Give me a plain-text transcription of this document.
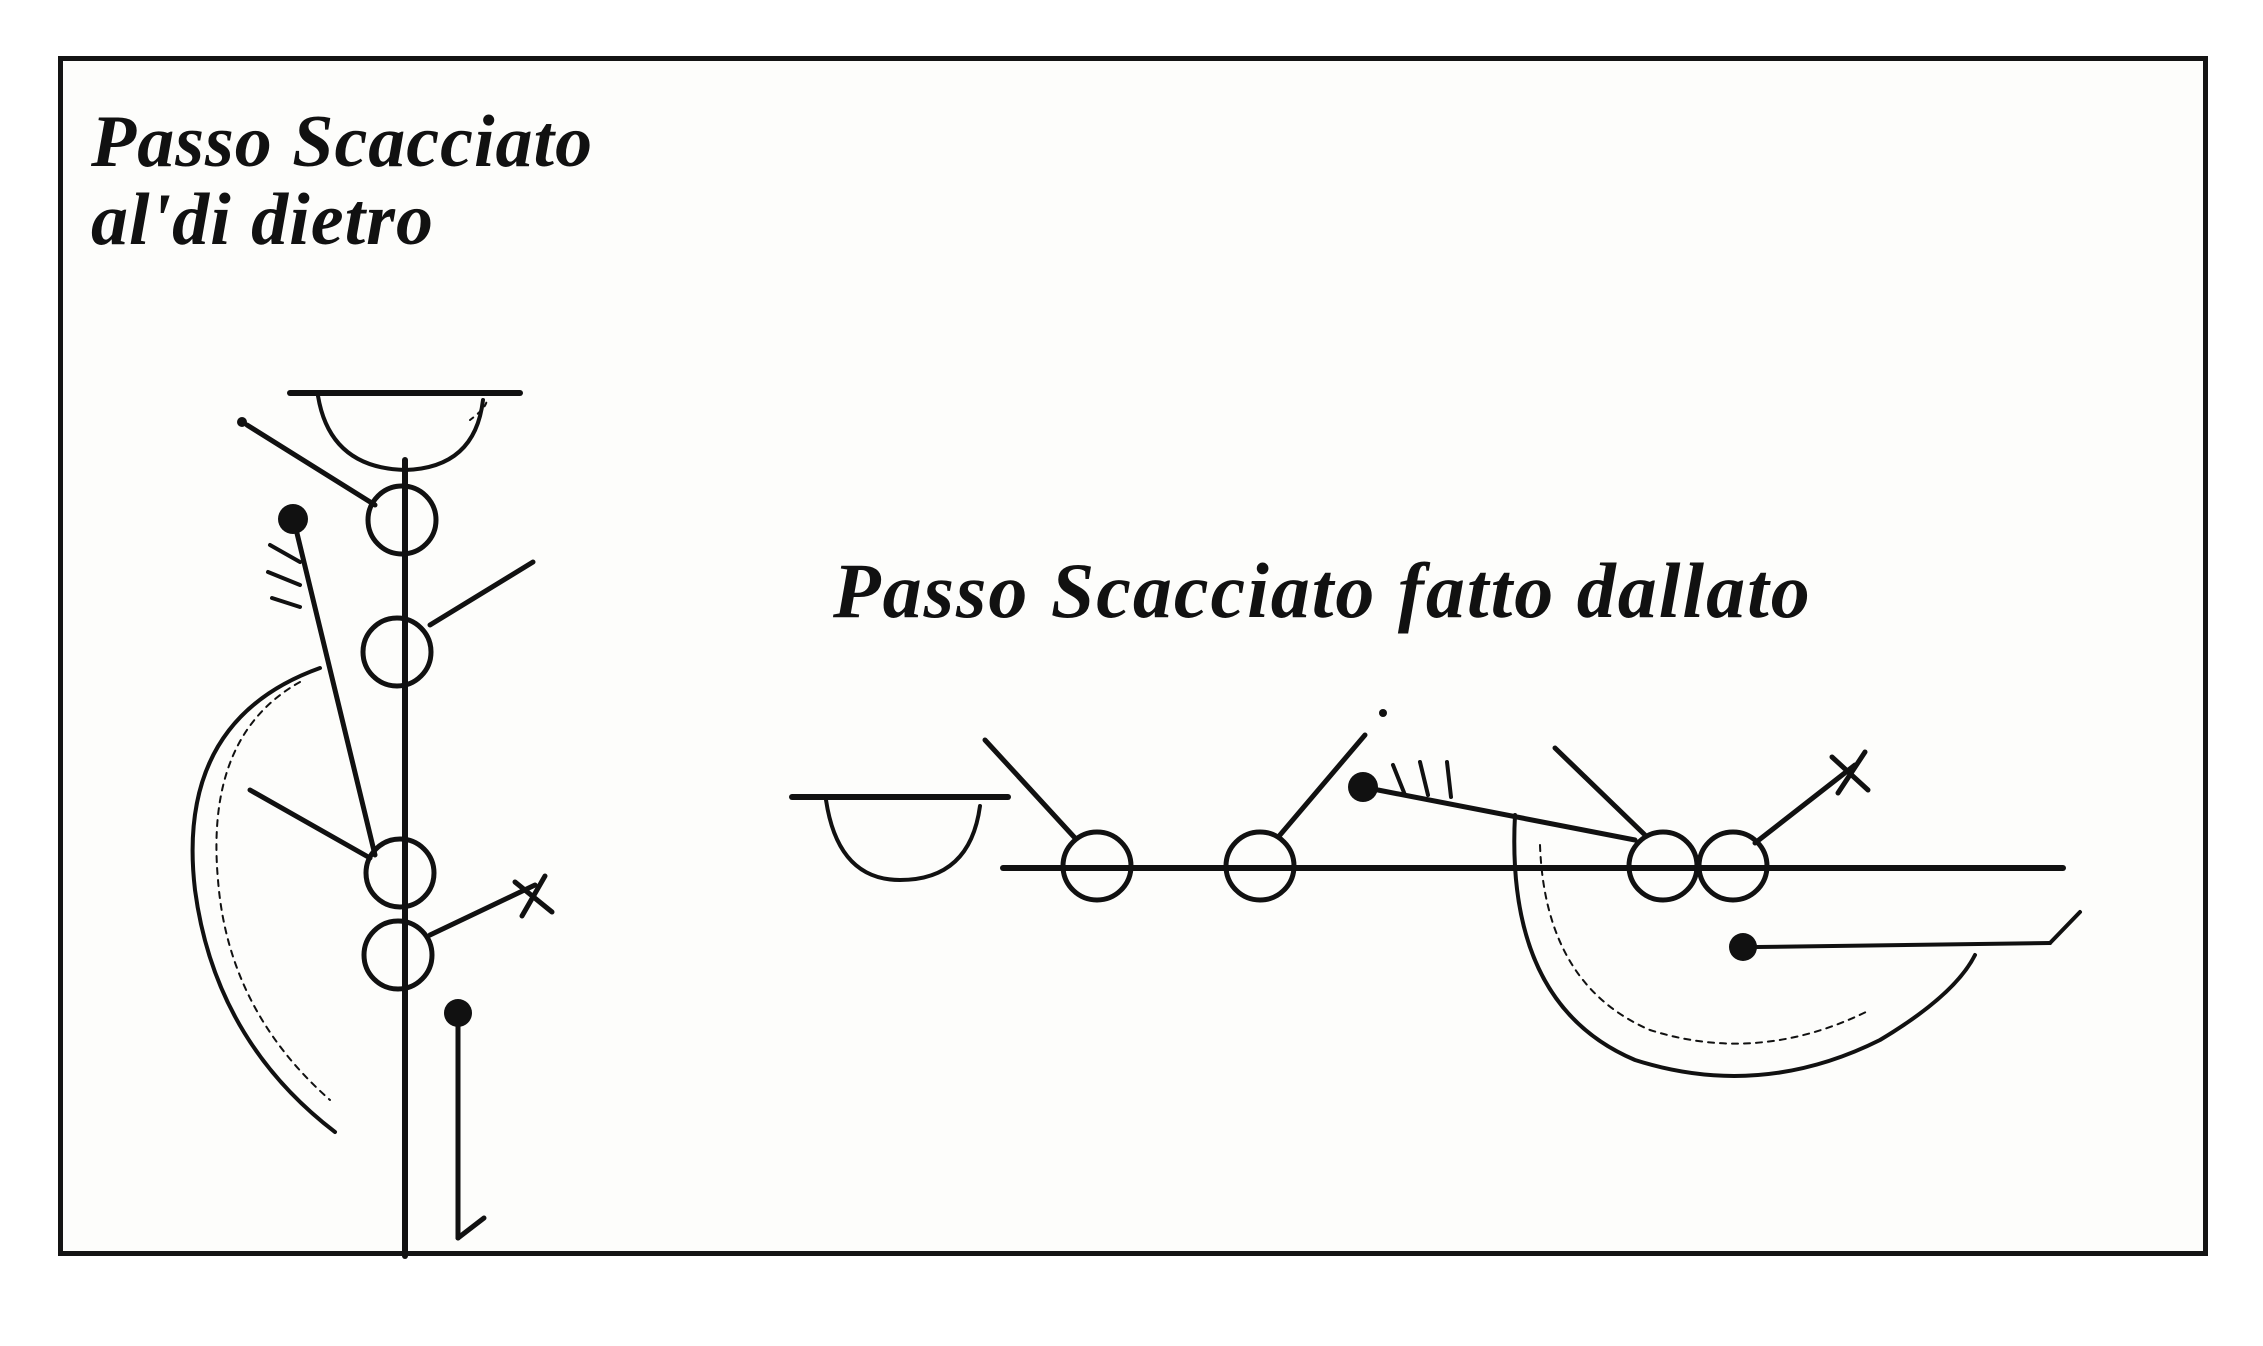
Passo Scacciato
al'di dietro
Passo Scacciato fatto dallato
